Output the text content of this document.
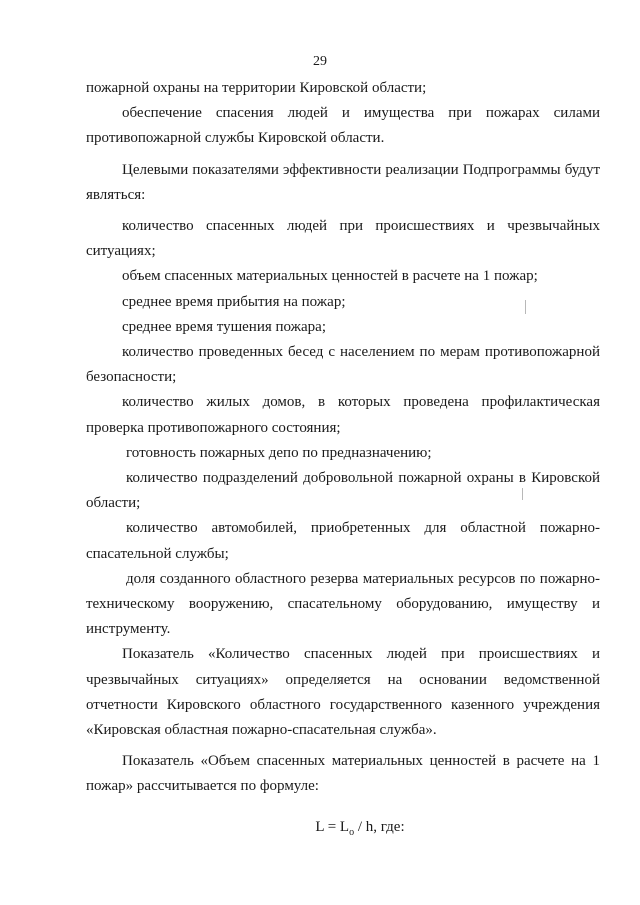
29

пожарной охраны на территории Кировской области;

обеспечение спасения людей и имущества при пожарах силами противопожарной службы Кировской области.

Целевыми показателями эффективности реализации Подпрограммы будут являться:

количество спасенных людей при происшествиях и чрезвычайных ситуациях;

объем спасенных материальных ценностей в расчете на 1 пожар;

среднее время прибытия на пожар;

среднее время тушения пожара;

количество проведенных бесед с населением по мерам противопожарной безопасности;

количество жилых домов, в которых проведена профилактическая проверка противопожарного состояния;

готовность пожарных депо по предназначению;

количество подразделений добровольной пожарной охраны в Кировской области;

количество автомобилей, приобретенных для областной пожарно-спасательной службы;

доля созданного областного резерва материальных ресурсов по пожарно-техническому вооружению, спасательному оборудованию, имуществу и инструменту.

Показатель «Количество спасенных людей при происшествиях и чрезвычайных ситуациях» определяется на основании ведомственной отчетности Кировского областного государственного казенного учреждения «Кировская областная пожарно-спасательная служба».

Показатель «Объем спасенных материальных ценностей в расчете на 1 пожар» рассчитывается по формуле:

$L = L_о / h$, где:
